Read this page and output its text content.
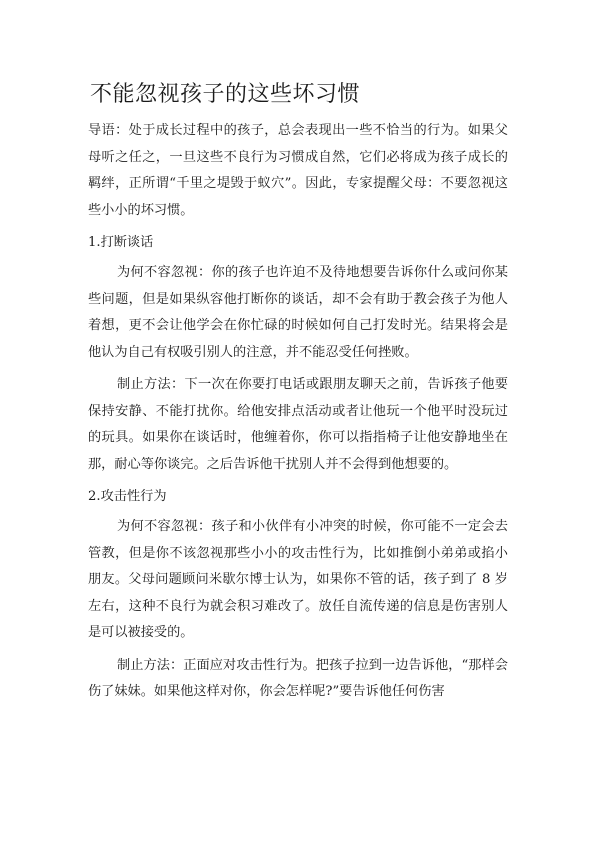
不能忽视孩子的这些坏习惯

导语：处于成长过程中的孩子，总会表现出一些不恰当的行为。如果父母听之任之，一旦这些不良行为习惯成自然，它们必将成为孩子成长的羁绊，正所谓“千里之堤毁于蚁穴”。因此，专家提醒父母：不要忽视这些小小的坏习惯。

1.打断谈话

为何不容忽视：你的孩子也许迫不及待地想要告诉你什么或问你某些问题，但是如果纵容他打断你的谈话，却不会有助于教会孩子为他人着想，更不会让他学会在你忙碌的时候如何自己打发时光。结果将会是他认为自己有权吸引别人的注意，并不能忍受任何挫败。

制止方法：下一次在你要打电话或跟朋友聊天之前，告诉孩子他要保持安静、不能打扰你。给他安排点活动或者让他玩一个他平时没玩过的玩具。如果你在谈话时，他缠着你，你可以指指椅子让他安静地坐在那，耐心等你谈完。之后告诉他干扰别人并不会得到他想要的。

2.攻击性行为

为何不容忽视：孩子和小伙伴有小冲突的时候，你可能不一定会去管教，但是你不该忽视那些小小的攻击性行为，比如推倒小弟弟或掐小朋友。父母问题顾问米歇尔博士认为，如果你不管的话，孩子到了 8 岁左右，这种不良行为就会积习难改了。放任自流传递的信息是伤害别人是可以被接受的。

制止方法：正面应对攻击性行为。把孩子拉到一边告诉他，“那样会伤了妹妹。如果他这样对你，你会怎样呢?”要告诉他任何伤害
